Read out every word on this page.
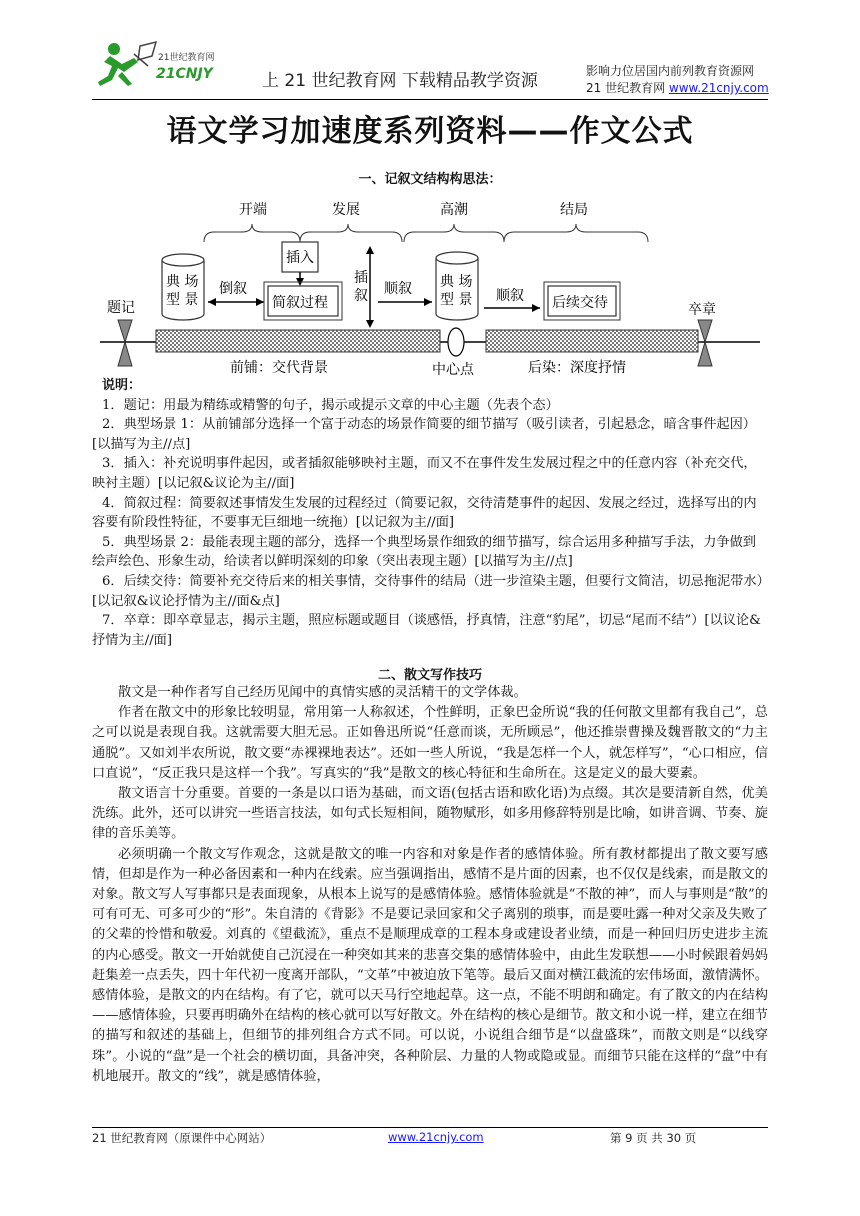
21世纪教育网
21CNJY	上 21 世纪教育网 下载精品教学资源	影响力位居国内前列教育资源网
21 世纪教育网 www.21cnjy.com
语文学习加速度系列资料——作文公式
一、记叙文结构构思法：
开端	发展	高潮	结局
题记	卒章
典 场
型 景
倒叙
插入
简叙过程
插
叙 顺叙 典 场
型 景 顺叙 后续交待
前铺：交代背景	中心点	后染：深度抒情
说明：
1．题记：用最为精练或精警的句子，揭示或提示文章的中心主题（先表个态）
2．典型场景 1：从前铺部分选择一个富于动态的场景作简要的细节描写（吸引读者，引起悬念，暗含事件起因）[以描写为主//点]
3．插入：补充说明事件起因，或者插叙能够映衬主题，而又不在事件发生发展过程之中的任意内容（补充交代，映衬主题）[以记叙&议论为主//面]
4．简叙过程：简要叙述事情发生发展的过程经过（简要记叙，交待清楚事件的起因、发展之经过，选择写出的内容要有阶段性特征，不要事无巨细地一统拖）[以记叙为主//面]
5．典型场景 2：最能表现主题的部分，选择一个典型场景作细致的细节描写，综合运用多种描写手法，力争做到绘声绘色、形象生动，给读者以鲜明深刻的印象（突出表现主题）[以描写为主//点]
6．后续交待：简要补充交待后来的相关事情，交待事件的结局（进一步渲染主题，但要行文简洁，切忌拖泥带水）[以记叙&议论抒情为主//面&点]
7．卒章：即卒章显志，揭示主题，照应标题或题目（谈感悟，抒真情，注意“豹尾”，切忌“尾而不结”）[以议论&抒情为主//面]
二、散文写作技巧

散文是一种作者写自己经历见闻中的真情实感的灵活精干的文学体裁。

作者在散文中的形象比较明显，常用第一人称叙述，个性鲜明，正象巴金所说“我的任何散文里都有我自己”，总之可以说是表现自我。这就需要大胆无忌。正如鲁迅所说“任意而谈，无所顾忌”，他还推崇曹操及魏晋散文的“力主通脱”。又如刘半农所说，散文要“赤裸裸地表达”。还如一些人所说，“我是怎样一个人，就怎样写”，“心口相应，信口直说”，“反正我只是这样一个我”。写真实的“我”是散文的核心特征和生命所在。这是定义的最大要素。

散文语言十分重要。首要的一条是以口语为基础，而文语(包括古语和欧化语)为点缀。其次是要清新自然，优美洗练。此外，还可以讲究一些语言技法，如句式长短相间，随物赋形，如多用修辞特别是比喻，如讲音调、节奏、旋律的音乐美等。

必须明确一个散文写作观念，这就是散文的唯一内容和对象是作者的感情体验。所有教材都提出了散文要写感情，但却是作为一种必备因素和一种内在线索。应当强调指出，感情不是片面的因素，也不仅仅是线索，而是散文的对象。散文写人写事都只是表面现象，从根本上说写的是感情体验。感情体验就是“不散的神”，而人与事则是“散”的可有可无、可多可少的“形”。朱自清的《背影》不是要记录回家和父子离别的琐事，而是要吐露一种对父亲及失败了的父辈的怜惜和敬爱。刘真的《望截流》，重点不是顺理成章的工程本身或建设者业绩，而是一种回归历史进步主流的内心感受。散文一开始就使自己沉浸在一种突如其来的悲喜交集的感情体验中，由此生发联想——小时候跟着妈妈赶集差一点丢失，四十年代初一度离开部队，“文革”中被迫放下笔等。最后又面对横江截流的宏伟场面，激情满怀。感情体验，是散文的内在结构。有了它，就可以天马行空地起草。这一点，不能不明朗和确定。有了散文的内在结构——感情体验，只要再明确外在结构的核心就可以写好散文。外在结构的核心是细节。散文和小说一样，建立在细节的描写和叙述的基础上，但细节的排列组合方式不同。可以说，小说组合细节是“以盘盛珠”，而散文则是“以线穿珠”。小说的“盘”是一个社会的横切面，具备冲突，各种阶层、力量的人物或隐或显。而细节只能在这样的“盘”中有机地展开。散文的“线”，就是感情体验，

21 世纪教育网（原课件中心网站）	www.21cnjy.com	第 9 页 共 30 页
